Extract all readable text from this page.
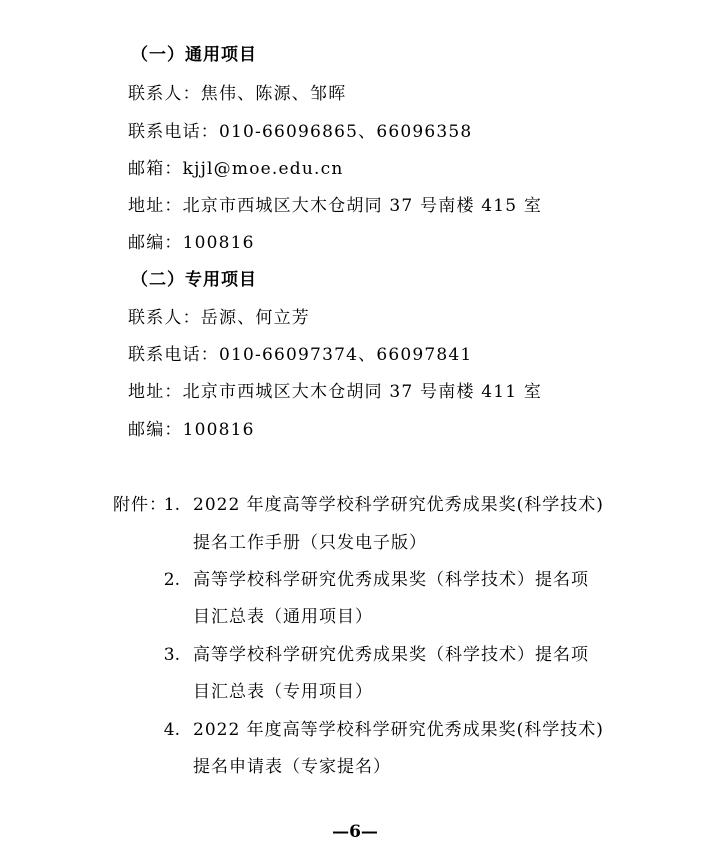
（一）通用项目
联系人：焦伟、陈源、邹晖
联系电话：010-66096865、66096358
邮箱：kjjl@moe.edu.cn
地址：北京市西城区大木仓胡同 37 号南楼 415 室
邮编：100816
（二）专用项目
联系人：岳源、何立芳
联系电话：010-66097374、66097841
地址：北京市西城区大木仓胡同 37 号南楼 411 室
邮编：100816
附件：
1. 2022 年度高等学校科学研究优秀成果奖(科学技术)
提名工作手册（只发电子版）
2. 高等学校科学研究优秀成果奖（科学技术）提名项
目汇总表（通用项目）
3. 高等学校科学研究优秀成果奖（科学技术）提名项
目汇总表（专用项目）
4. 2022 年度高等学校科学研究优秀成果奖(科学技术)
提名申请表（专家提名）
—6—
